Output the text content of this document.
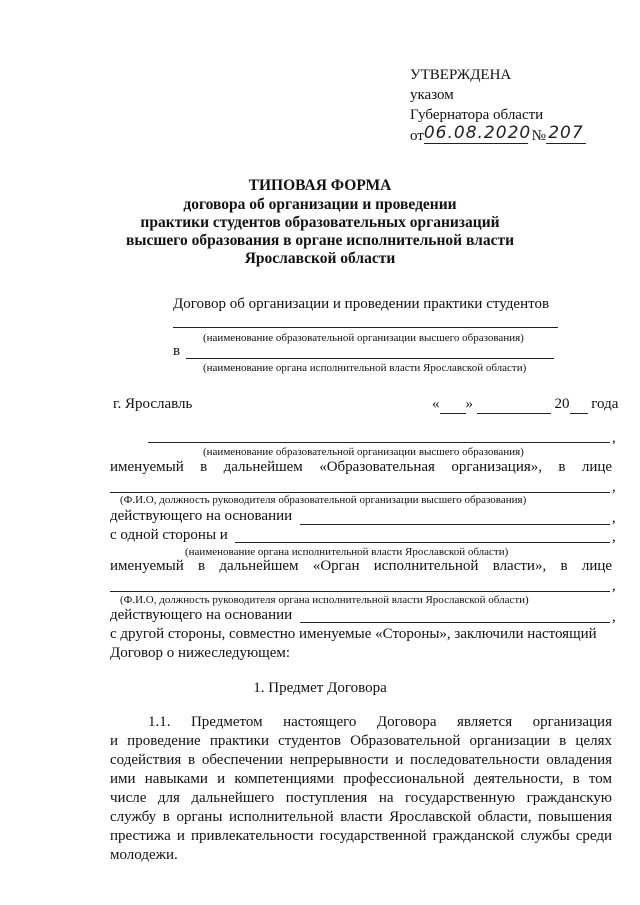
УТВЕРЖДЕНА
указом
Губернатора области
от06.08.2020 № 207
ТИПОВАЯ ФОРМА
договора об организации и проведении
практики студентов образовательных организаций
высшего образования в органе исполнительной власти
Ярославской области
Договор об организации и проведении практики студентов
(наименование образовательной организации высшего образования)
в
(наименование органа исполнительной власти Ярославской области)
г. Ярославль	« »	20 года
,
(наименование образовательной организации высшего образования)
именуемый в дальнейшем «Образовательная организация», в лице
,
(Ф.И.О, должность руководителя образовательной организации высшего образования)
действующего на основании	,
с одной стороны и	,
(наименование органа исполнительной власти Ярославской области)
именуемый в дальнейшем «Орган исполнительной власти», в лице
,
(Ф.И.О, должность руководителя органа исполнительной власти Ярославской области)
действующего на основании	,
с другой стороны, совместно именуемые «Стороны», заключили настоящий
Договор о нижеследующем:
1. Предмет Договора
1.1. Предметом настоящего Договора является организация
и проведение практики студентов Образовательной организации в целях
содействия в обеспечении непрерывности и последовательности овладения
ими навыками и компетенциями профессиональной деятельности, в том
числе для дальнейшего поступления на государственную гражданскую
службу в органы исполнительной власти Ярославской области, повышения
престижа и привлекательности государственной гражданской службы среди
молодежи.
